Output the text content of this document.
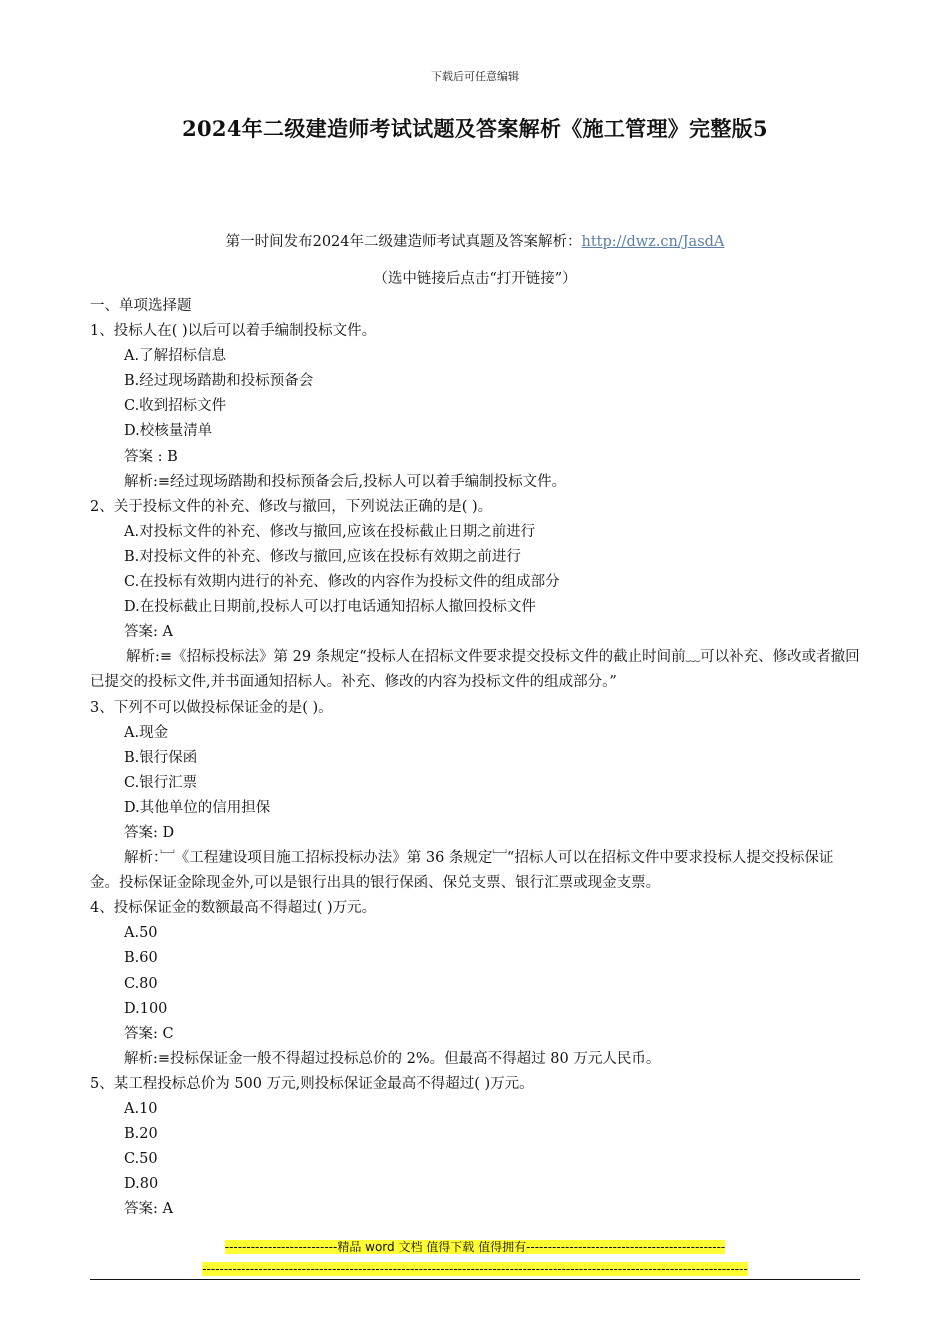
下载后可任意编辑
2024年二级建造师考试试题及答案解析《施工管理》完整版5
第一时间发布2024年二级建造师考试真题及答案解析：http://dwz.cn/JasdA
（选中链接后点击“打开链接”）
一、单项选择题
1、投标人在( )以后可以着手编制投标文件。
A.了解招标信息
B.经过现场踏勘和投标预备会
C.收到招标文件
D.校核量清单
答案 : B
解析:≡经过现场踏勘和投标预备会后,投标人可以着手编制投标文件。
2、关于投标文件的补充、修改与撤回，下列说法正确的是( )。
A.对投标文件的补充、修改与撤回,应该在投标截止日期之前进行
B.对投标文件的补充、修改与撤回,应该在投标有效期之前进行
C.在投标有效期内进行的补充、修改的内容作为投标文件的组成部分
D.在投标截止日期前,投标人可以打电话通知招标人撤回投标文件
答案: A
解析:≡《招标投标法》第 29 条规定“投标人在招标文件要求提交投标文件的截止时间前﹏可以补充、修改或者撤回已提交的投标文件,并书面通知招标人。补充、修改的内容为投标文件的组成部分。”
3、下列不可以做投标保证金的是( )。
A.现金
B.银行保函
C.银行汇票
D.其他单位的信用担保
答案: D
解析：﹈《工程建设项目施工招标投标办法》第 36 条规定﹈“招标人可以在招标文件中要求投标人提交投标保证金。投标保证金除现金外,可以是银行出具的银行保函、保兑支票、银行汇票或现金支票。
4、投标保证金的数额最高不得超过( )万元。
A.50
B.60
C.80
D.100
答案: C
解析:≡投标保证金一般不得超过投标总价的 2%。但最高不得超过 80 万元人民币。
5、某工程投标总价为 500 万元,则投标保证金最高不得超过( )万元。
A.10
B.20
C.50
D.80
答案: A
--------------------------精品 word 文档 值得下载 值得拥有----------------------------------------------
------------------------------------------------------------------------------------------------------------------------------
